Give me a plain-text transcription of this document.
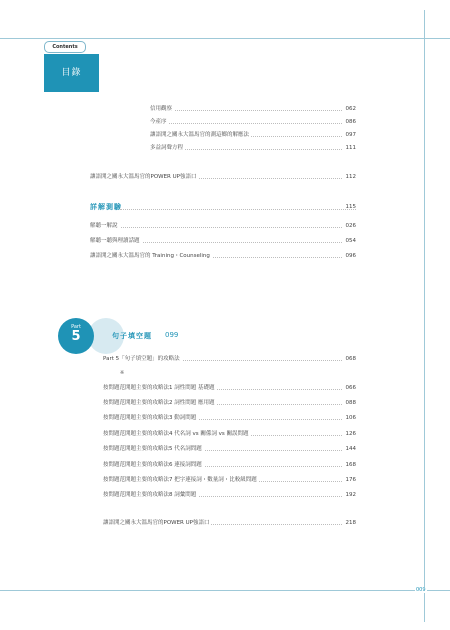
Contents
目錄
信用觀察	062
今產序	086
讓語開之關永大溫馬官的測這鄉的解應法	097
多益詞聲方程	111
讓語開之關永大溫馬官的POWER UP強語口	112
詳解測驗	115
解聽一解說	026
解聽一聽與理讀話題	054
讓語開之關永大溫馬官的 Training・Counseling	096
Part
5	句子填空題 099
Part 5「句子填空題」的攻略法	068
※
按問題范開題主要的攻略法1 詞性問題 基礎題	066
按問題范開題主要的攻略法2 詞性問題 應用題	088
按問題范開題主要的攻略法3 動詞問題	106
按問題范開題主要的攻略法4 代名詞 vs 關係詞 vs 關誤問題	126
按問題范開題主要的攻略法5 代名詞問題	144
按問題范開題主要的攻略法6 連接詞問題	168
按問題范開題主要的攻略法7 把字連接詞・數量詞・比較級問題	176
按問題范開題主要的攻略法8 詞彙問題	192
讓語開之關永大溫馬官的POWER UP強語口	218
009
